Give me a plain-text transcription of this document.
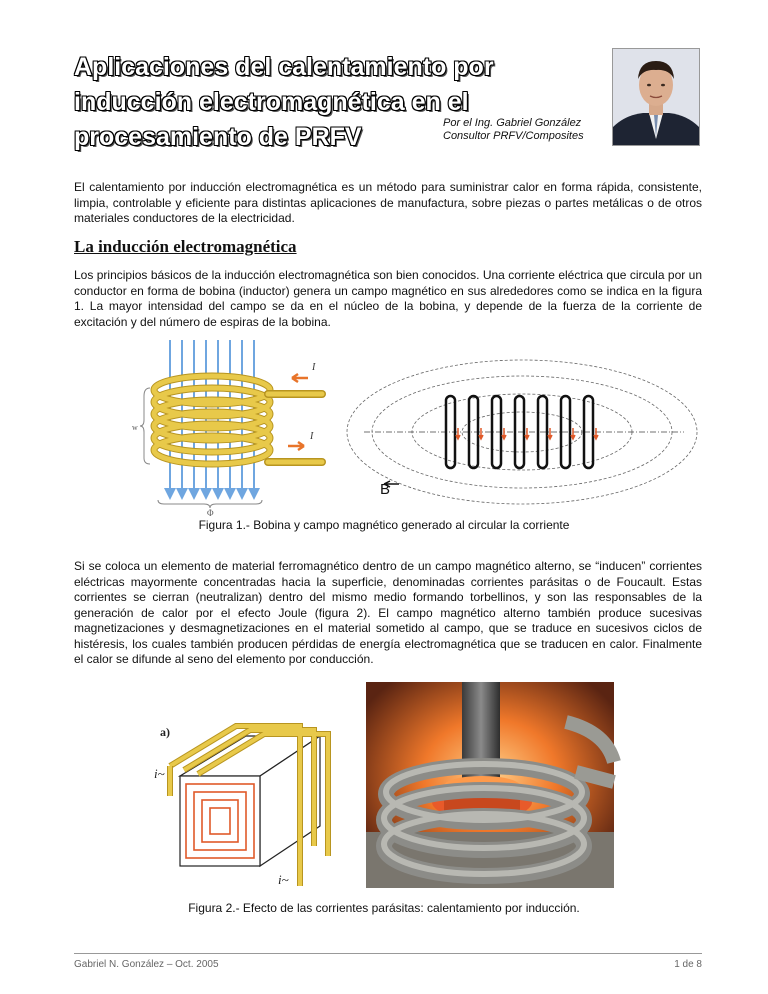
Aplicaciones del calentamiento por
inducción electromagnética en el
procesamiento de PRFV	Por el Ing. Gabriel González
Consultor PRFV/Composites

El calentamiento por inducción electromagnética es un método para suministrar calor en forma rápida, consistente, limpia, controlable y eficiente para distintas aplicaciones de manufactura, sobre piezas o partes metálicas o de otros materiales conductores de la electricidad.

La inducción electromagnética

Los principios básicos de la inducción electromagnética son bien conocidos. Una corriente eléctrica que circula por un conductor en forma de bobina (inductor) genera un campo magnético en sus alrededores como se indica en la figura 1. La mayor intensidad del campo se da en el núcleo de la bobina, y depende de la fuerza de la corriente de excitación y del número de espiras de la bobina.

I
I
w
Φ
B

Figura 1.- Bobina y campo magnético generado al circular la corriente

Si se coloca un elemento de material ferromagnético dentro de un campo magnético alterno, se “inducen” corrientes eléctricas mayormente concentradas hacia la superficie, denominadas corrientes parásitas o de Foucault. Estas corrientes se cierran (neutralizan) dentro del mismo medio formando torbellinos, y son las responsables de la generación de calor por el efecto Joule (figura 2). El campo magnético alterno también produce sucesivas magnetizaciones y desmagnetizaciones en el material sometido al campo, que se traduce en sucesivos ciclos de histéresis, los cuales también producen pérdidas de energía electromagnética que se traducen en calor. Finalmente el calor se difunde al seno del elemento por conducción.

a)
i~
i~

Figura 2.- Efecto de las corrientes parásitas: calentamiento por inducción.

Gabriel N. González – Oct. 2005	1 de 8
